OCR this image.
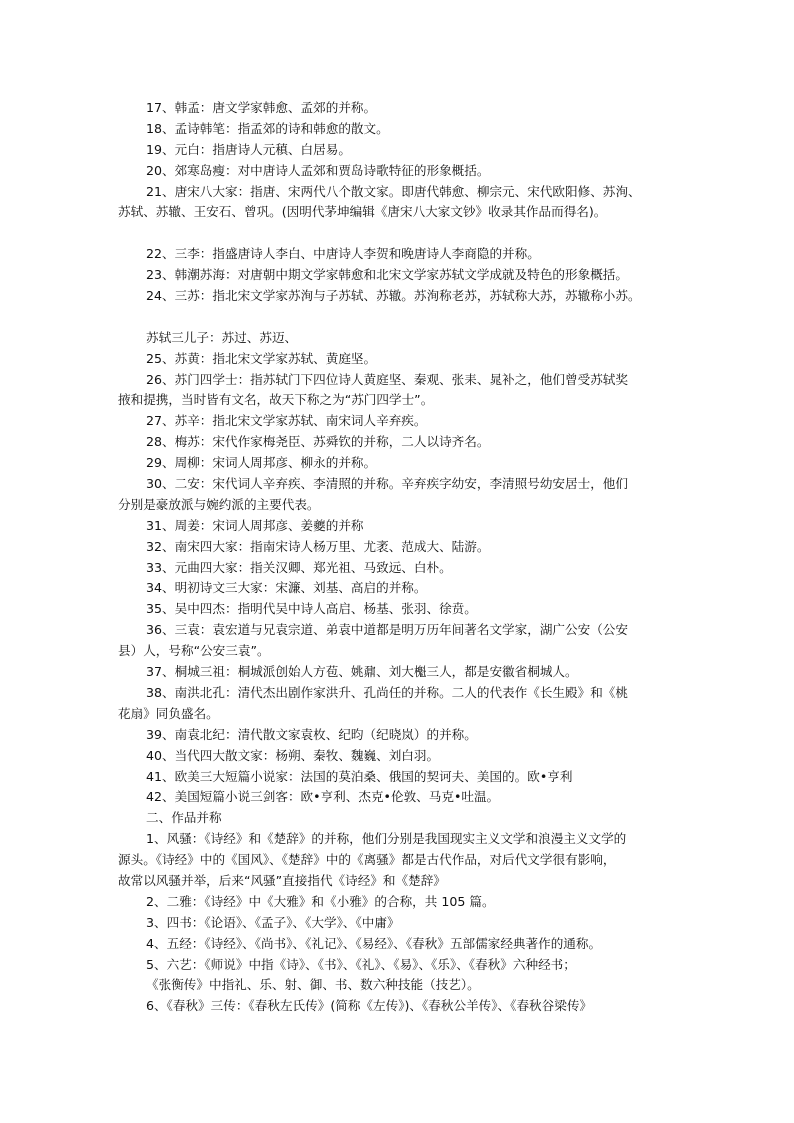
17、韩孟：唐文学家韩愈、孟郊的并称。
18、孟诗韩笔：指孟郊的诗和韩愈的散文。
19、元白：指唐诗人元稹、白居易。
20、郊寒岛瘦：对中唐诗人孟郊和贾岛诗歌特征的形象概括。
21、唐宋八大家：指唐、宋两代八个散文家。即唐代韩愈、柳宗元、宋代欧阳修、苏洵、
苏轼、苏辙、王安石、曾巩。(因明代茅坤编辑《唐宋八大家文钞》收录其作品而得名)。
22、三李：指盛唐诗人李白、中唐诗人李贺和晚唐诗人李商隐的并称。
23、韩潮苏海：对唐朝中期文学家韩愈和北宋文学家苏轼文学成就及特色的形象概括。
24、三苏：指北宋文学家苏洵与子苏轼、苏辙。苏洵称老苏，苏轼称大苏，苏辙称小苏。
苏轼三儿子：苏过、苏迈、
25、苏黄：指北宋文学家苏轼、黄庭坚。
26、苏门四学士：指苏轼门下四位诗人黄庭坚、秦观、张耒、晁补之，他们曾受苏轼奖
掖和提携，当时皆有文名，故天下称之为“苏门四学士”。
27、苏辛：指北宋文学家苏轼、南宋词人辛弃疾。
28、梅苏：宋代作家梅尧臣、苏舜钦的并称，二人以诗齐名。
29、周柳：宋词人周邦彦、柳永的并称。
30、二安：宋代词人辛弃疾、李清照的并称。辛弃疾字幼安，李清照号幼安居士，他们
分别是豪放派与婉约派的主要代表。
31、周姜：宋词人周邦彦、姜夔的并称
32、南宋四大家：指南宋诗人杨万里、尤袤、范成大、陆游。
33、元曲四大家：指关汉卿、郑光祖、马致远、白朴。
34、明初诗文三大家：宋濂、刘基、高启的并称。
35、吴中四杰：指明代吴中诗人高启、杨基、张羽、徐贲。
36、三袁：袁宏道与兄袁宗道、弟袁中道都是明万历年间著名文学家，湖广公安（公安
县）人，号称“公安三袁”。
37、桐城三祖：桐城派创始人方苞、姚鼐、刘大櫆三人，都是安徽省桐城人。
38、南洪北孔：清代杰出剧作家洪升、孔尚任的并称。二人的代表作《长生殿》和《桃
花扇》同负盛名。
39、南袁北纪：清代散文家袁枚、纪昀（纪晓岚）的并称。
40、当代四大散文家：杨朔、秦牧、魏巍、刘白羽。
41、欧美三大短篇小说家：法国的莫泊桑、俄国的契诃夫、美国的。欧•亨利
42、美国短篇小说三剑客：欧•亨利、杰克•伦敦、马克•吐温。
二、作品并称
1、风骚：《诗经》和《楚辞》的并称，他们分别是我国现实主义文学和浪漫主义文学的
源头。《诗经》中的《国风》、《楚辞》中的《离骚》都是古代作品，对后代文学很有影响，
故常以风骚并举，后来“风骚”直接指代《诗经》和《楚辞》
2、二雅：《诗经》中《大雅》和《小雅》的合称，共 105 篇。
3、四书：《论语》、《孟子》、《大学》、《中庸》
4、五经：《诗经》、《尚书》、《礼记》、《易经》、《春秋》五部儒家经典著作的通称。
5、六艺：《师说》中指《诗》、《书》、《礼》、《易》、《乐》、《春秋》六种经书；
《张衡传》中指礼、乐、射、御、书、数六种技能（技艺）。
6、《春秋》三传：《春秋左氏传》(简称《左传》)、《春秋公羊传》、《春秋谷梁传》
